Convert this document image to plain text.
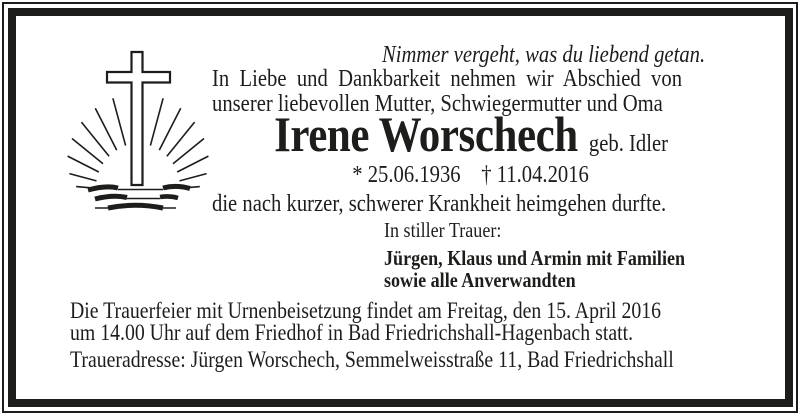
Nimmer vergeht, was du liebend getan.
In Liebe und Dankbarkeit nehmen wir Abschied von
unserer liebevollen Mutter, Schwiegermutter und Oma
Irene Worschech geb. Idler
* 25.06.1936 † 11.04.2016
die nach kurzer, schwerer Krankheit heimgehen durfte.
In stiller Trauer:
Jürgen, Klaus und Armin mit Familien
sowie alle Anverwandten
Die Trauerfeier mit Urnenbeisetzung findet am Freitag, den 15. April 2016
um 14.00 Uhr auf dem Friedhof in Bad Friedrichshall-Hagenbach statt.
Traueradresse: Jürgen Worschech, Semmelweisstraße 11, Bad Friedrichshall
